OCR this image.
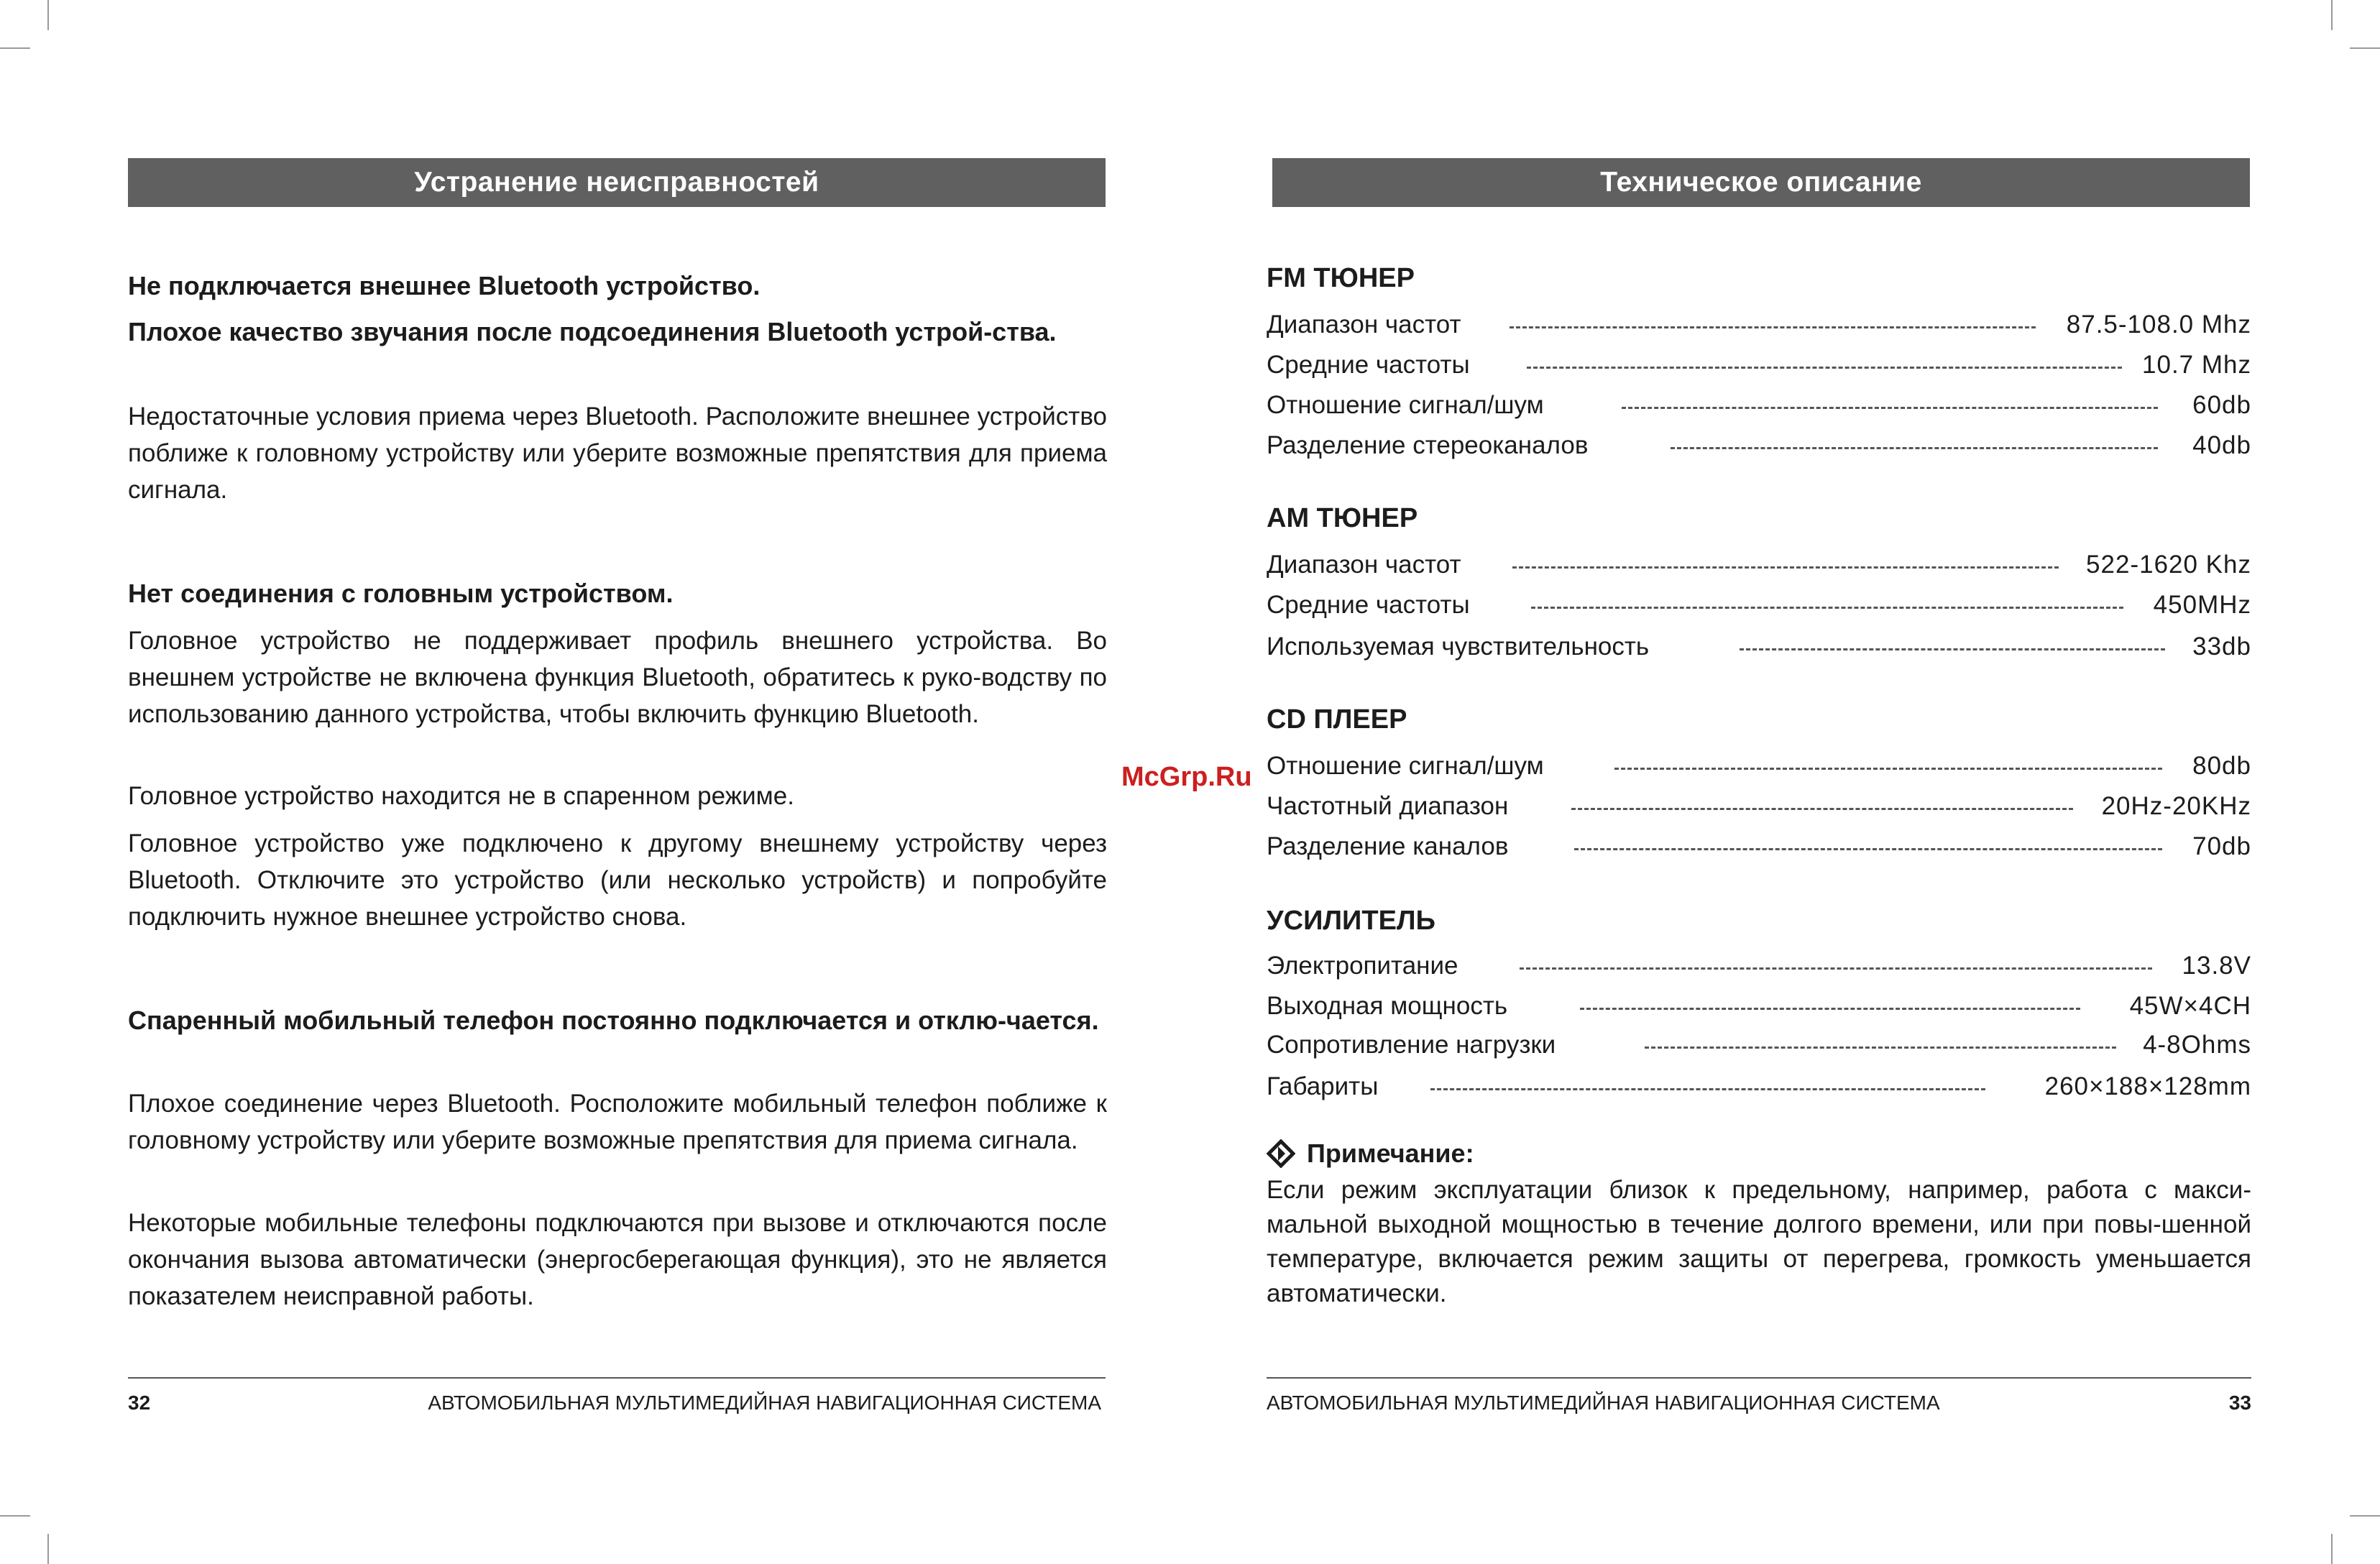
Устранение неисправностей

Не подключается внешнее Bluetooth устройство.

Плохое качество звучания после подсоединения Bluetooth устрой-ства.

Недостаточные условия приема через Bluetooth. Расположите внешнее устройство поближе к головному устройству или уберите возможные препятствия для приема сигнала.

Нет соединения с головным устройством.

Головное устройство не поддерживает профиль внешнего устройства. Во внешнем устройстве не включена функция Bluetooth, обратитесь к руко-водству по использованию данного устройства, чтобы включить функцию Bluetooth.

Головное устройство находится не в спаренном режиме.

Головное устройство уже подключено к другому внешнему устройству через Bluetooth. Отключите это устройство (или несколько устройств) и попробуйте подключить нужное внешнее устройство снова.

Спаренный мобильный телефон постоянно подключается и отклю-чается.

Плохое соединение через Bluetooth. Росположите мобильный телефон поближе к головному устройству или уберите возможные препятствия для приема сигнала.

Некоторые мобильные телефоны подключаются при вызове и отключаются после окончания вызова автоматически (энергосберегающая функция), это не является показателем неисправной работы.

32	АВТОМОБИЛЬНАЯ МУЛЬТИМЕДИЙНАЯ НАВИГАЦИОННАЯ СИСТЕМА
Техническое описание
FM ТЮНЕР
Диапазон частот	87.5-108.0 Mhz
Средние частоты	10.7 Mhz
Отношение сигнал/шум	60db
Разделение стереоканалов	40db
АМ ТЮНЕР
Диапазон частот	522-1620 Khz
Средние частоты	450MHz
Используемая чувствительность	33db
CD ПЛЕЕР
Отношение сигнал/шум	80db
Частотный диапазон	20Hz-20KHz
Разделение каналов	70db
УСИЛИТЕЛЬ
Электропитание	13.8V
Выходная мощность	45W×4CH
Сопротивление нагрузки	4-8Ohms
Габариты	260×188×128mm
Примечание:

Если режим эксплуатации близок к предельному, например, работа с макси-мальной выходной мощностью в течение долгого времени, или при повы-шенной температуре, включается режим защиты от перегрева, громкость уменьшается автоматически.

АВТОМОБИЛЬНАЯ МУЛЬТИМЕДИЙНАЯ НАВИГАЦИОННАЯ СИСТЕМА	33
McGrp.Ru
